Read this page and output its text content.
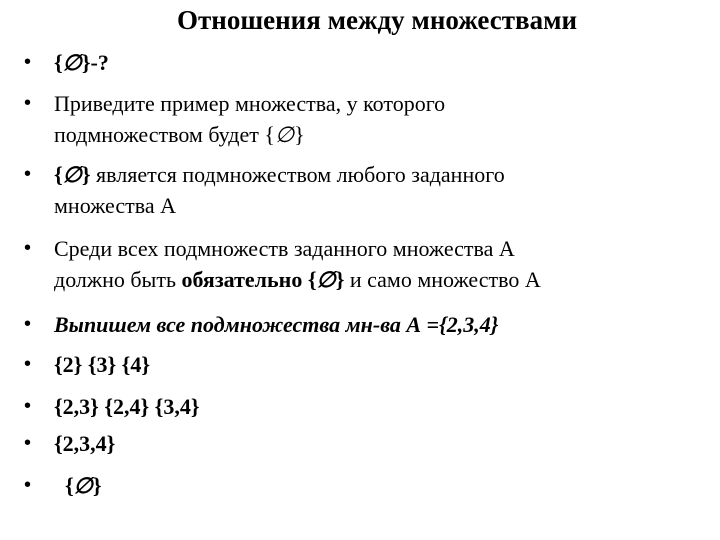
Отношения между множествами
• {∅}-?
• Приведите пример множества, у которого
подмножеством будет {∅}
• {∅} является подмножеством любого заданного
множества А
• Среди всех подмножеств заданного множества А
должно быть обязательно {∅} и само множество А
• Выпишем все подмножества мн-ва А ={2,3,4}
• {2} {3} {4}
• {2,3} {2,4} {3,4}
• {2,3,4}
• {∅}
